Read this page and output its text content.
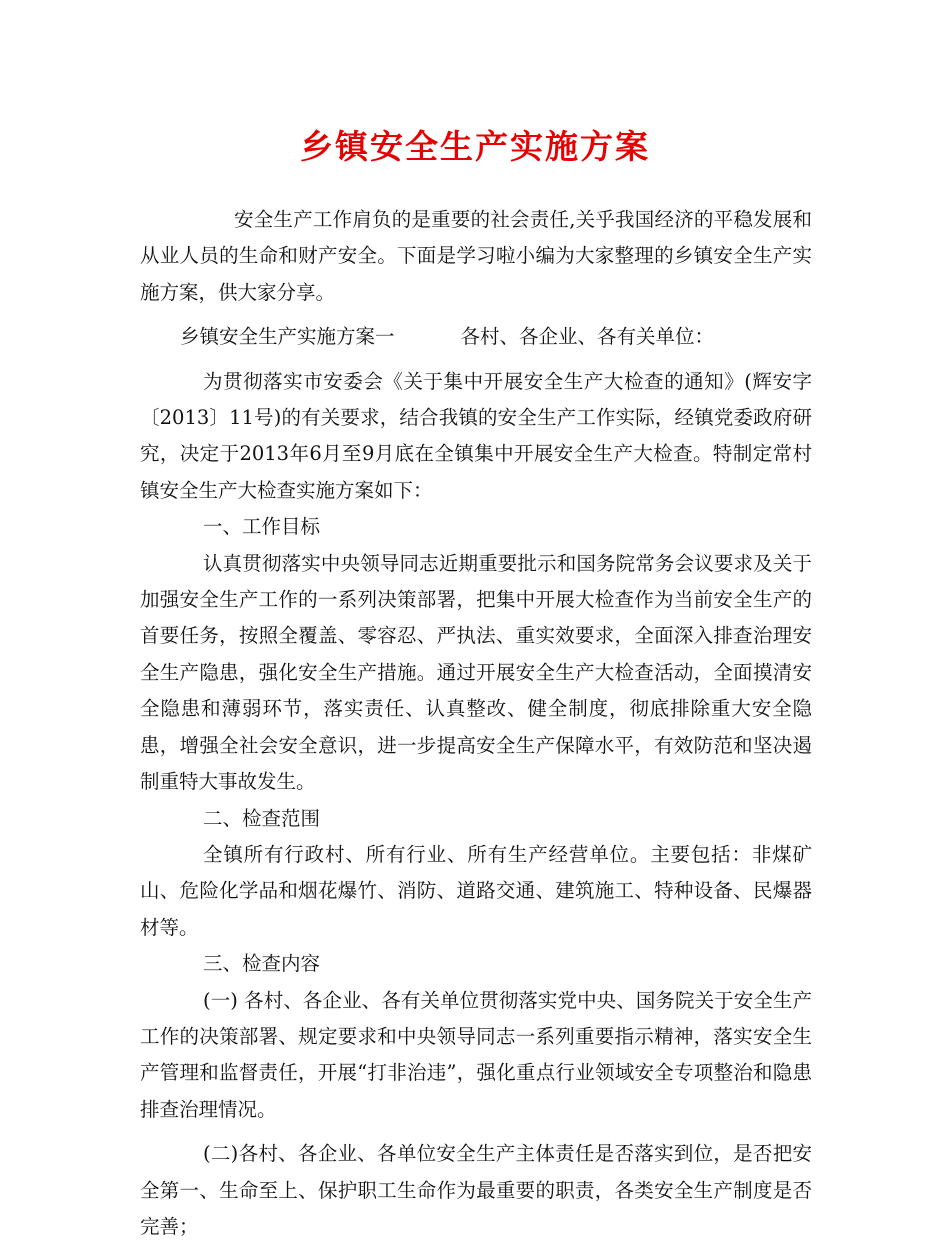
乡镇安全生产实施方案

安全生产工作肩负的是重要的社会责任,关乎我国经济的平稳发展和从业人员的生命和财产安全。下面是学习啦小编为大家整理的乡镇安全生产实施方案，供大家分享。

乡镇安全生产实施方案一	各村、各企业、各有关单位：

为贯彻落实市安委会《关于集中开展安全生产大检查的通知》(辉安字〔2013〕11号)的有关要求，结合我镇的安全生产工作实际，经镇党委政府研究，决定于2013年6月至9月底在全镇集中开展安全生产大检查。特制定常村镇安全生产大检查实施方案如下：

一、工作目标

认真贯彻落实中央领导同志近期重要批示和国务院常务会议要求及关于加强安全生产工作的一系列决策部署，把集中开展大检查作为当前安全生产的首要任务，按照全覆盖、零容忍、严执法、重实效要求，全面深入排查治理安全生产隐患，强化安全生产措施。通过开展安全生产大检查活动，全面摸清安全隐患和薄弱环节，落实责任、认真整改、健全制度，彻底排除重大安全隐患，增强全社会安全意识，进一步提高安全生产保障水平，有效防范和坚决遏制重特大事故发生。

二、检查范围

全镇所有行政村、所有行业、所有生产经营单位。主要包括：非煤矿山、危险化学品和烟花爆竹、消防、道路交通、建筑施工、特种设备、民爆器材等。

三、检查内容

(一) 各村、各企业、各有关单位贯彻落实党中央、国务院关于安全生产工作的决策部署、规定要求和中央领导同志一系列重要指示精神，落实安全生产管理和监督责任，开展“打非治违”，强化重点行业领域安全专项整治和隐患排查治理情况。

(二)各村、各企业、各单位安全生产主体责任是否落实到位，是否把安全第一、生命至上、保护职工生命作为最重要的职责，各类安全生产制度是否完善；
